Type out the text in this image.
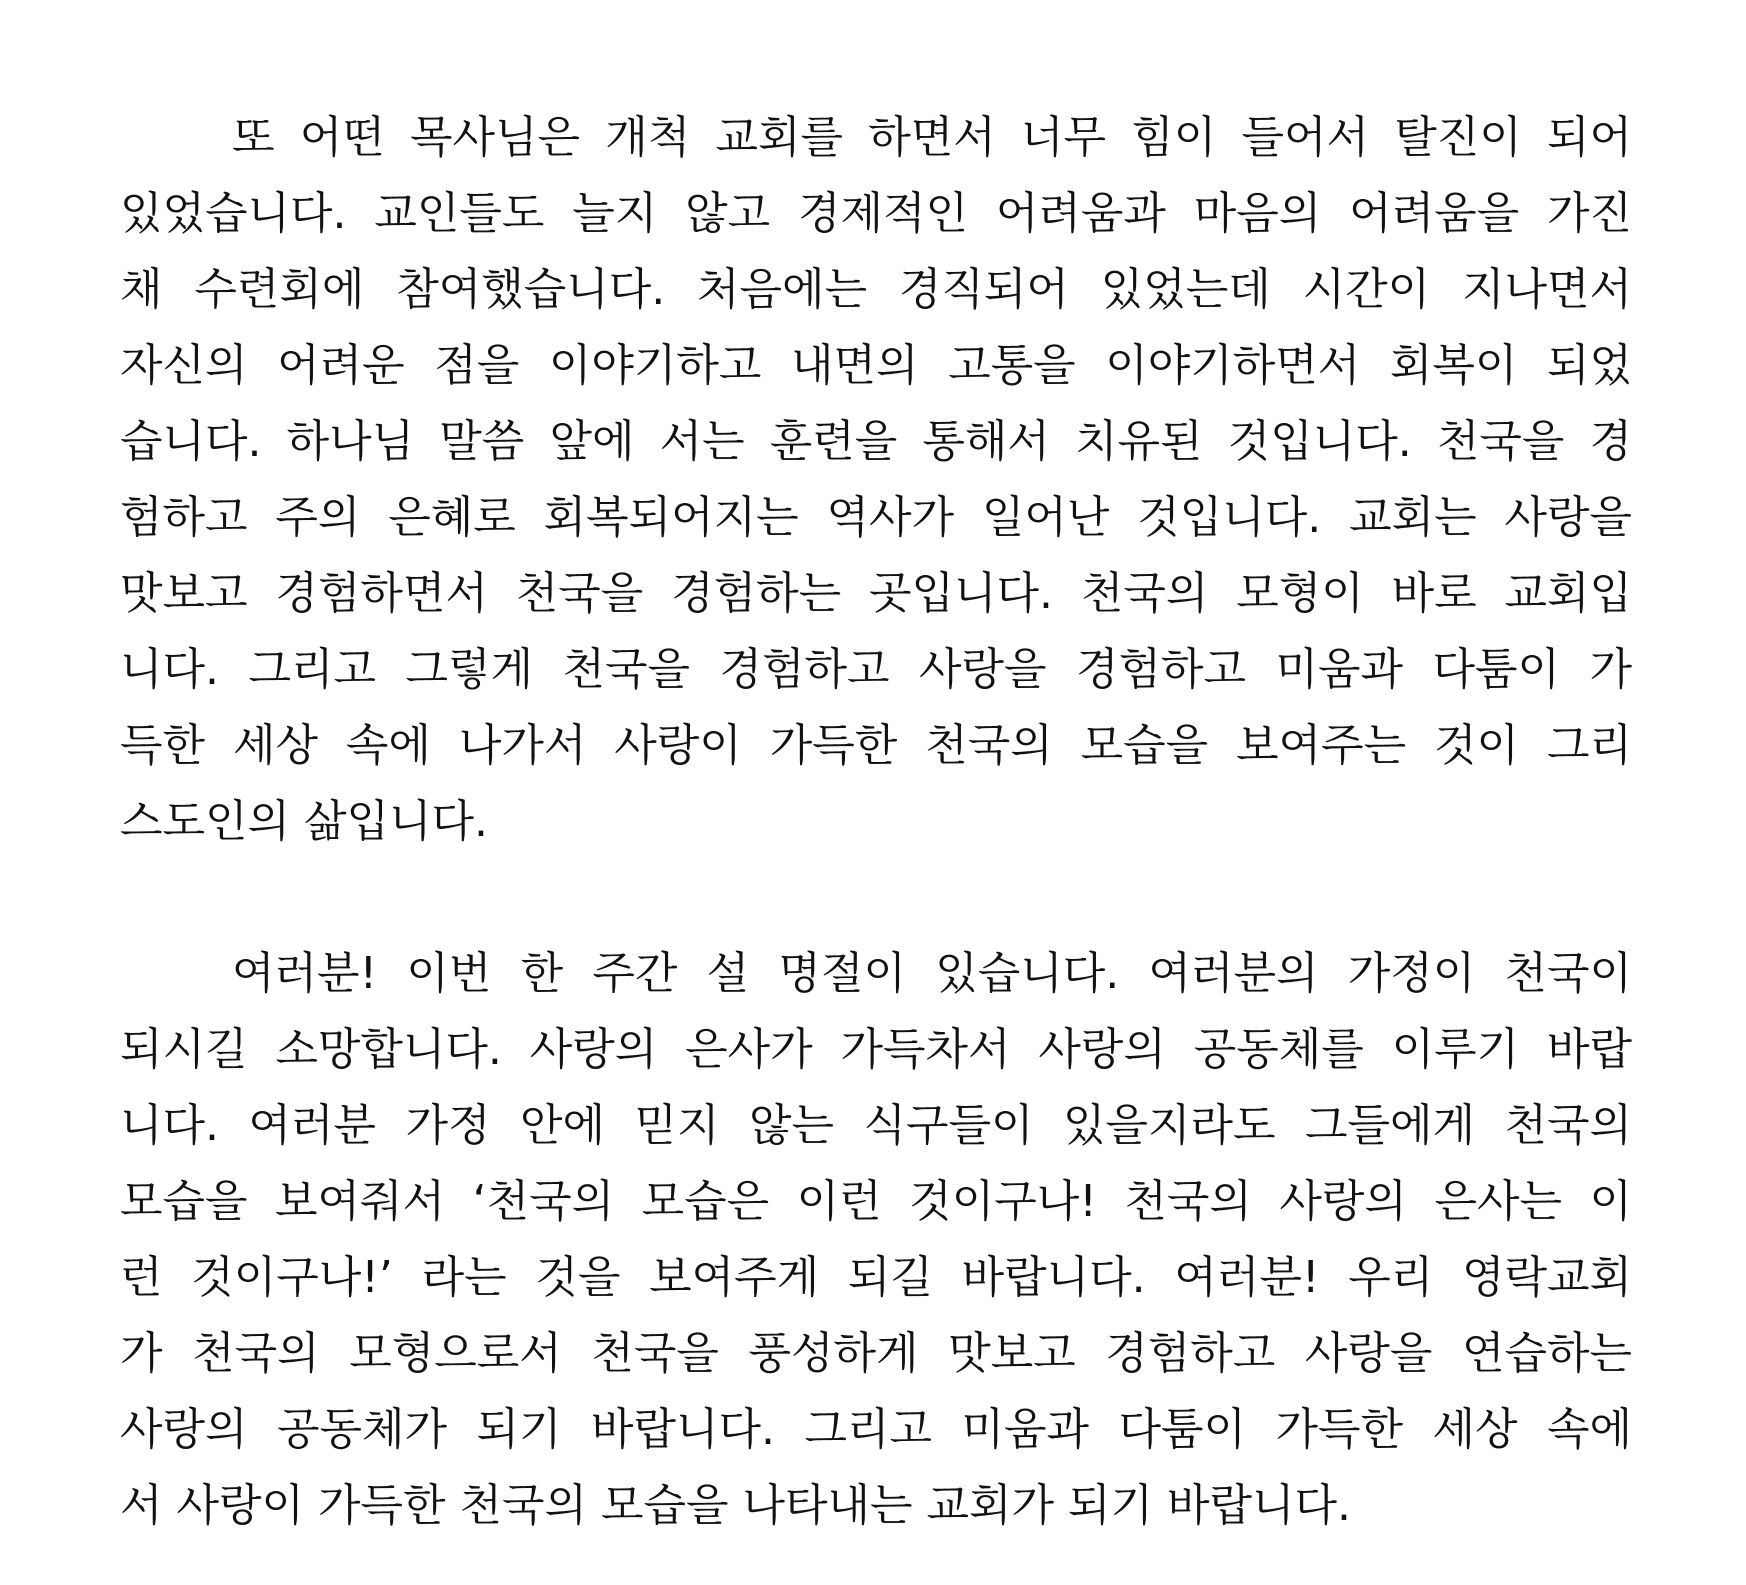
또 어떤 목사님은 개척 교회를 하면서 너무 힘이 들어서 탈진이 되어
있었습니다. 교인들도 늘지 않고 경제적인 어려움과 마음의 어려움을 가진
채 수련회에 참여했습니다. 처음에는 경직되어 있었는데 시간이 지나면서
자신의 어려운 점을 이야기하고 내면의 고통을 이야기하면서 회복이 되었
습니다. 하나님 말씀 앞에 서는 훈련을 통해서 치유된 것입니다. 천국을 경
험하고 주의 은혜로 회복되어지는 역사가 일어난 것입니다. 교회는 사랑을
맛보고 경험하면서 천국을 경험하는 곳입니다. 천국의 모형이 바로 교회입
니다. 그리고 그렇게 천국을 경험하고 사랑을 경험하고 미움과 다툼이 가
득한 세상 속에 나가서 사랑이 가득한 천국의 모습을 보여주는 것이 그리
스도인의 삶입니다.
여러분! 이번 한 주간 설 명절이 있습니다. 여러분의 가정이 천국이
되시길 소망합니다. 사랑의 은사가 가득차서 사랑의 공동체를 이루기 바랍
니다. 여러분 가정 안에 믿지 않는 식구들이 있을지라도 그들에게 천국의
모습을 보여줘서 ‘천국의 모습은 이런 것이구나! 천국의 사랑의 은사는 이
런 것이구나!’ 라는 것을 보여주게 되길 바랍니다. 여러분! 우리 영락교회
가 천국의 모형으로서 천국을 풍성하게 맛보고 경험하고 사랑을 연습하는
사랑의 공동체가 되기 바랍니다. 그리고 미움과 다툼이 가득한 세상 속에
서 사랑이 가득한 천국의 모습을 나타내는 교회가 되기 바랍니다.
